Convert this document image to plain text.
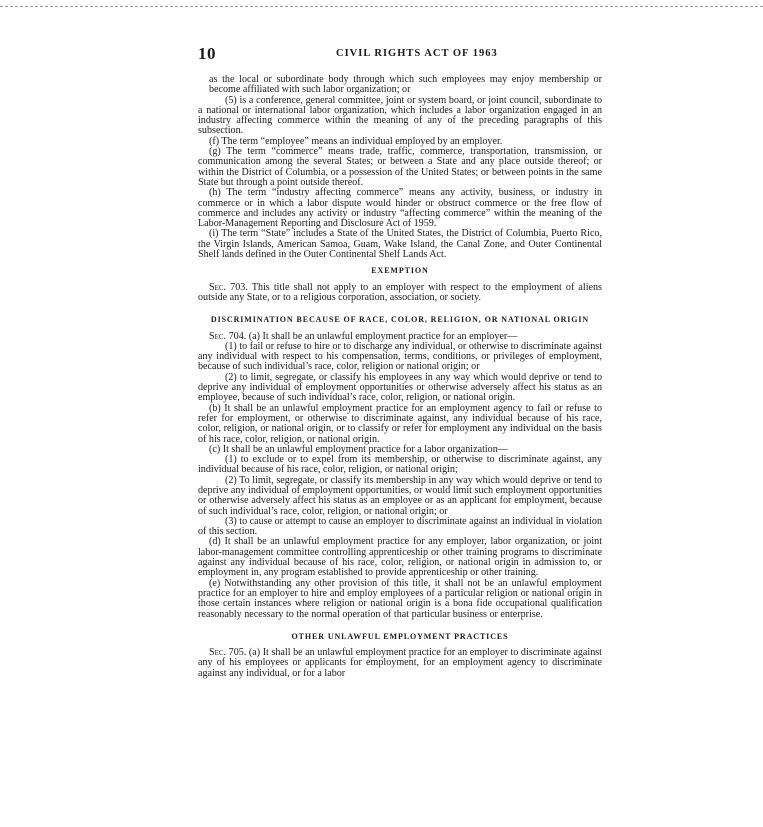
10	CIVIL RIGHTS ACT OF 1963

as the local or subordinate body through which such employees may enjoy membership or become affiliated with such labor organization; or

(5) is a conference, general committee, joint or system board, or joint council, subordinate to a national or international labor organization, which includes a labor organization engaged in an industry affecting commerce within the meaning of any of the preceding paragraphs of this subsection.

(f) The term “employee” means an individual employed by an employer.

(g) The term “commerce” means trade, traffic, commerce, transportation, transmission, or communication among the several States; or between a State and any place outside thereof; or within the District of Columbia, or a possession of the United States; or between points in the same State but through a point outside thereof.

(h) The term “industry affecting commerce” means any activity, business, or industry in commerce or in which a labor dispute would hinder or obstruct commerce or the free flow of commerce and includes any activity or industry “affecting commerce” within the meaning of the Labor-Management Reporting and Disclosure Act of 1959.

(i) The term “State” includes a State of the United States, the District of Columbia, Puerto Rico, the Virgin Islands, American Samoa, Guam, Wake Island, the Canal Zone, and Outer Continental Shelf lands defined in the Outer Continental Shelf Lands Act.

EXEMPTION

Sec. 703. This title shall not apply to an employer with respect to the employment of aliens outside any State, or to a religious corporation, association, or society.

DISCRIMINATION BECAUSE OF RACE, COLOR, RELIGION, OR NATIONAL ORIGIN

Sec. 704. (a) It shall be an unlawful employment practice for an employer—

(1) to fail or refuse to hire or to discharge any individual, or otherwise to discriminate against any individual with respect to his compensation, terms, conditions, or privileges of employment, because of such individual’s race, color, religion or national origin; or

(2) to limit, segregate, or classify his employees in any way which would deprive or tend to deprive any individual of employment opportunities or otherwise adversely affect his status as an employee, because of such individual’s race, color, religion, or national origin.

(b) It shall be an unlawful employment practice for an employment agency to fail or refuse to refer for employment, or otherwise to discriminate against, any individual because of his race, color, religion, or national origin, or to classify or refer for employment any individual on the basis of his race, color, religion, or national origin.

(c) It shall be an unlawful employment practice for a labor organization—

(1) to exclude or to expel from its membership, or otherwise to discriminate against, any individual because of his race, color, religion, or national origin;

(2) To limit, segregate, or classify its membership in any way which would deprive or tend to deprive any individual of employment opportunities, or would limit such employment opportunities or otherwise adversely affect his status as an employee or as an applicant for employment, because of such individual’s race, color, religion, or national origin; or

(3) to cause or attempt to cause an employer to discriminate against an individual in violation of this section.

(d) It shall be an unlawful employment practice for any employer, labor organization, or joint labor-management committee controlling apprenticeship or other training programs to discriminate against any individual because of his race, color, religion, or national origin in admission to, or employment in, any program established to provide apprenticeship or other training.

(e) Notwithstanding any other provision of this title, it shall not be an unlawful employment practice for an employer to hire and employ employees of a particular religion or national origin in those certain instances where religion or national origin is a bona fide occupational qualification reasonably necessary to the normal operation of that particular business or enterprise.

OTHER UNLAWFUL EMPLOYMENT PRACTICES

Sec. 705. (a) It shall be an unlawful employment practice for an employer to discriminate against any of his employees or applicants for employment, for an employment agency to discriminate against any individual, or for a labor
